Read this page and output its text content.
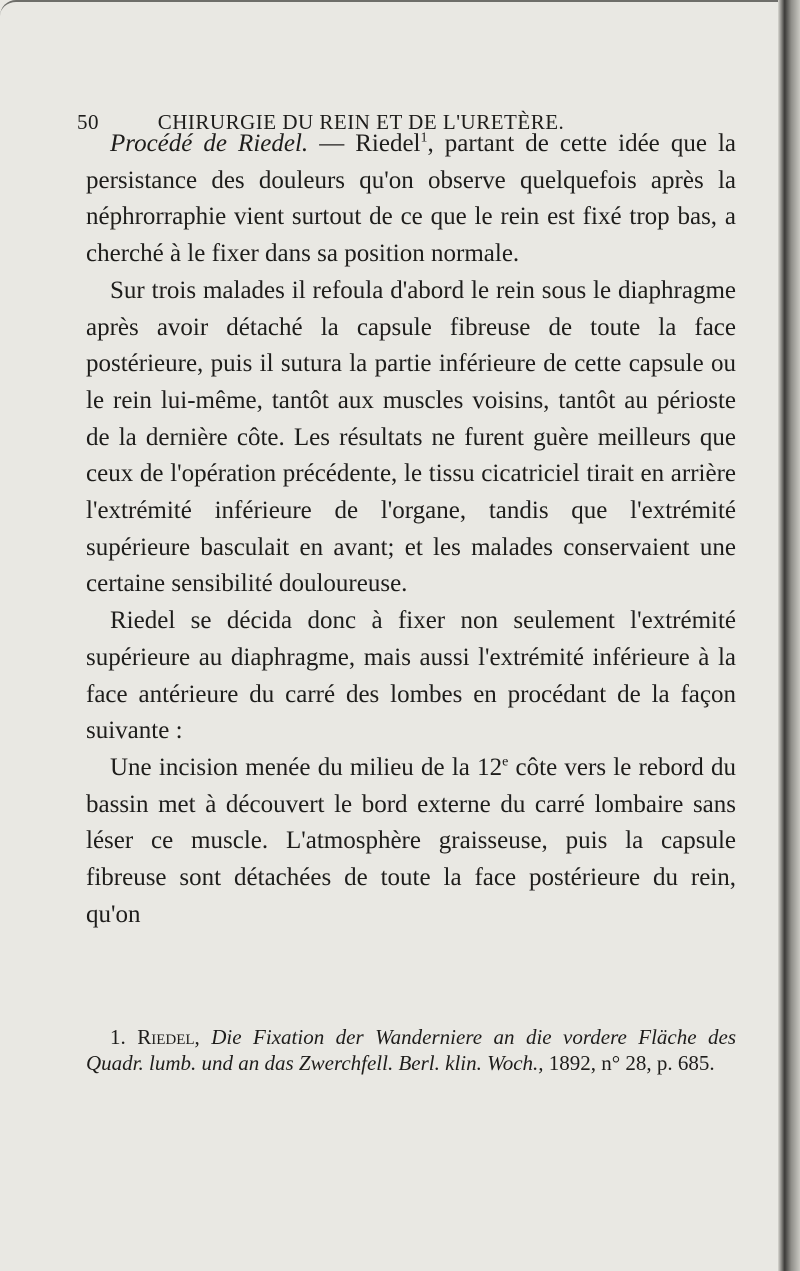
50	CHIRURGIE DU REIN ET DE L'URETÈRE.

Procédé de Riedel. — Riedel$^1$, partant de cette idée que la persistance des douleurs qu'on observe quelquefois après la néphrorraphie vient surtout de ce que le rein est fixé trop bas, a cherché à le fixer dans sa position normale.

Sur trois malades il refoula d'abord le rein sous le diaphragme après avoir détaché la capsule fibreuse de toute la face postérieure, puis il sutura la partie inférieure de cette capsule ou le rein lui-même, tantôt aux muscles voisins, tantôt au périoste de la dernière côte. Les résultats ne furent guère meilleurs que ceux de l'opération précédente, le tissu cicatriciel tirait en arrière l'extrémité inférieure de l'organe, tandis que l'extrémité supérieure basculait en avant; et les malades conservaient une certaine sensibilité douloureuse.

Riedel se décida donc à fixer non seulement l'extrémité supérieure au diaphragme, mais aussi l'extrémité inférieure à la face antérieure du carré des lombes en procédant de la façon suivante :

Une incision menée du milieu de la 12e côte vers le rebord du bassin met à découvert le bord externe du carré lombaire sans léser ce muscle. L'atmosphère graisseuse, puis la capsule fibreuse sont détachées de toute la face postérieure du rein, qu'on

1. Riedel, Die Fixation der Wanderniere an die vordere Fläche des Quadr. lumb. und an das Zwerchfell. Berl. klin. Woch., 1892, n° 28, p. 685.
